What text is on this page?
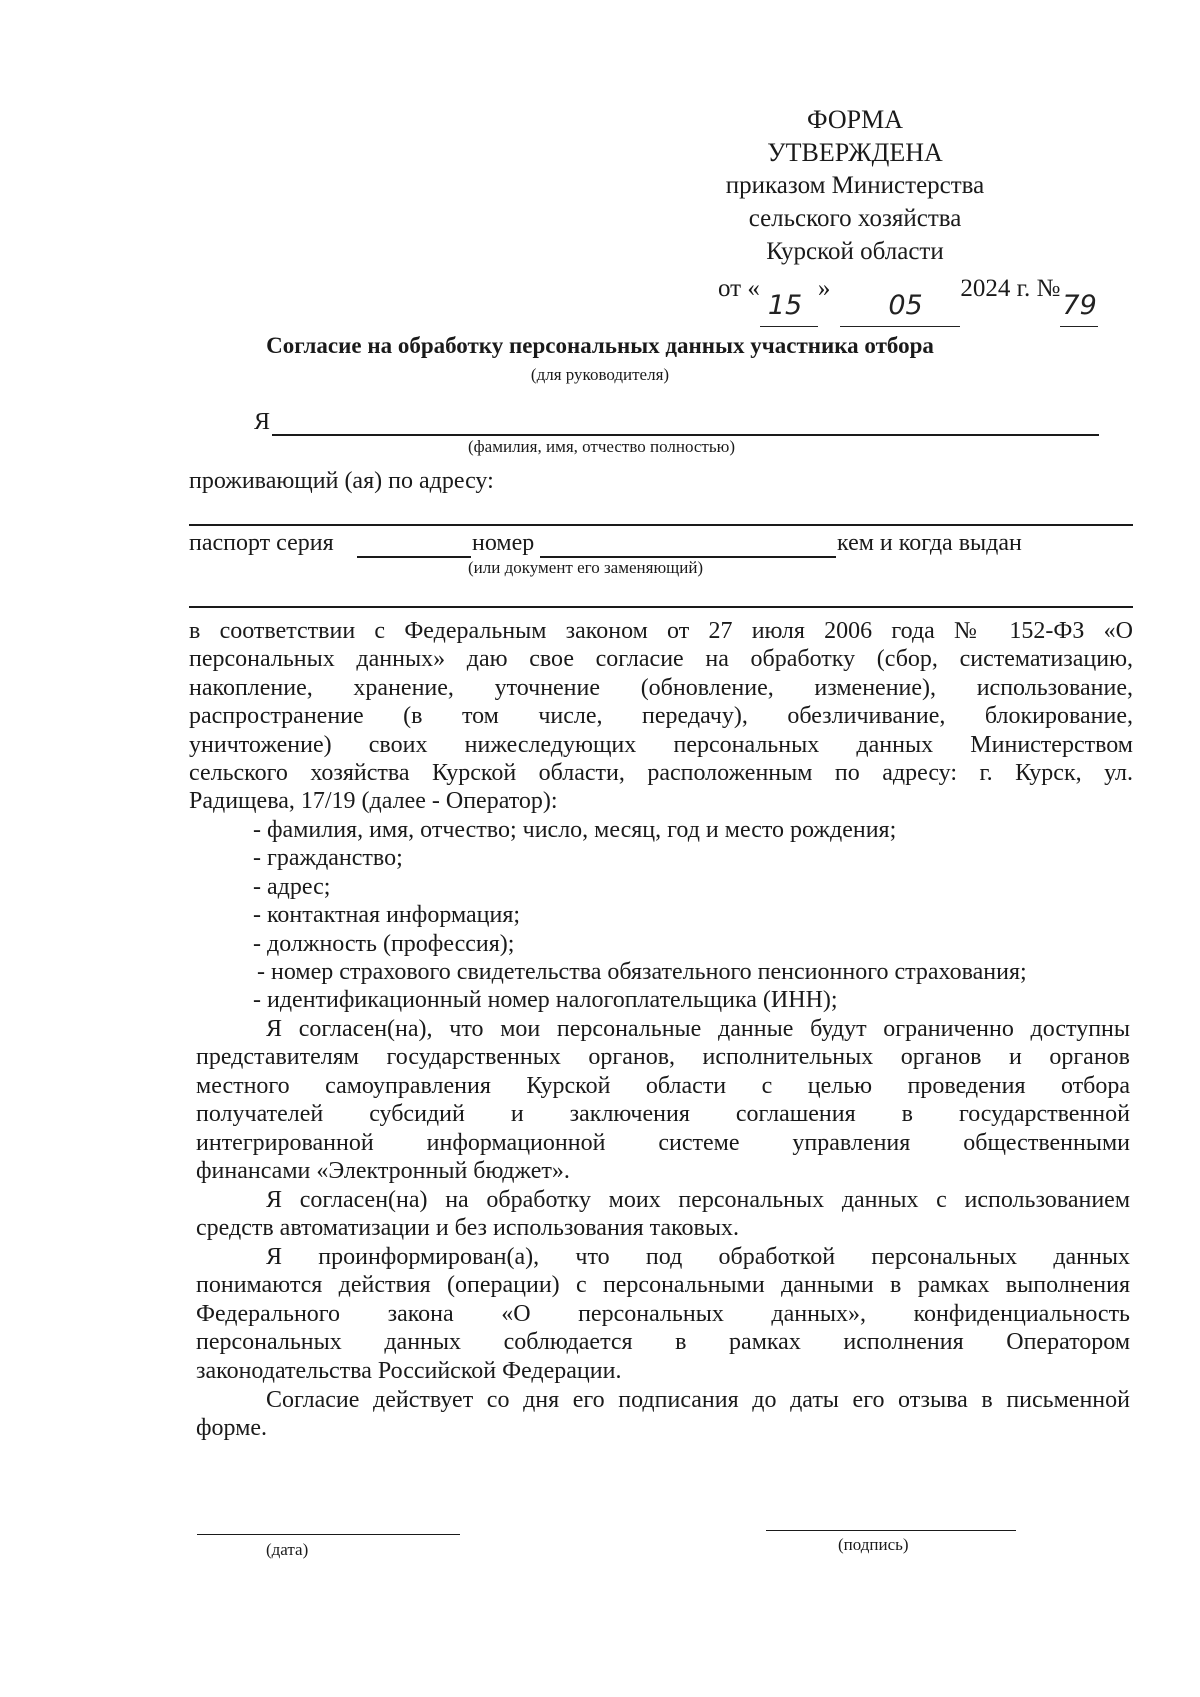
ФОРМА
УТВЕРЖДЕНА
приказом Министерства
сельского хозяйства
Курской области
от «
15
»
05
2024 г. №
79
Согласие на обработку персональных данных участника отбора
(для руководителя)
Я
(фамилия, имя, отчество полностью)
проживающий (ая) по адресу:
паспорт серия	номер	кем и когда выдан
(или документ его заменяющий)
в соответствии с Федеральным законом от 27 июля 2006 года № 152-ФЗ «О
персональных данных» даю свое согласие на обработку (сбор, систематизацию,
накопление, хранение, уточнение (обновление, изменение), использование,
распространение (в том числе, передачу), обезличивание, блокирование,
уничтожение) своих нижеследующих персональных данных Министерством
сельского хозяйства Курской области, расположенным по адресу: г. Курск, ул.
Радищева, 17/19 (далее - Оператор):
- фамилия, имя, отчество; число, месяц, год и место рождения;
- гражданство;
- адрес;
- контактная информация;
- должность (профессия);
- номер страхового свидетельства обязательного пенсионного страхования;
- идентификационный номер налогоплательщика (ИНН);
Я согласен(на), что мои персональные данные будут ограниченно доступны
представителям государственных органов, исполнительных органов и органов
местного самоуправления Курской области с целью проведения отбора
получателей субсидий и заключения соглашения в государственной
интегрированной информационной системе управления общественными
финансами «Электронный бюджет».
Я согласен(на) на обработку моих персональных данных с использованием
средств автоматизации и без использования таковых.
Я проинформирован(а), что под обработкой персональных данных
понимаются действия (операции) с персональными данными в рамках выполнения
Федерального закона «О персональных данных», конфиденциальность
персональных данных соблюдается в рамках исполнения Оператором
законодательства Российской Федерации.
Согласие действует со дня его подписания до даты его отзыва в письменной
форме.
(дата)	(подпись)
